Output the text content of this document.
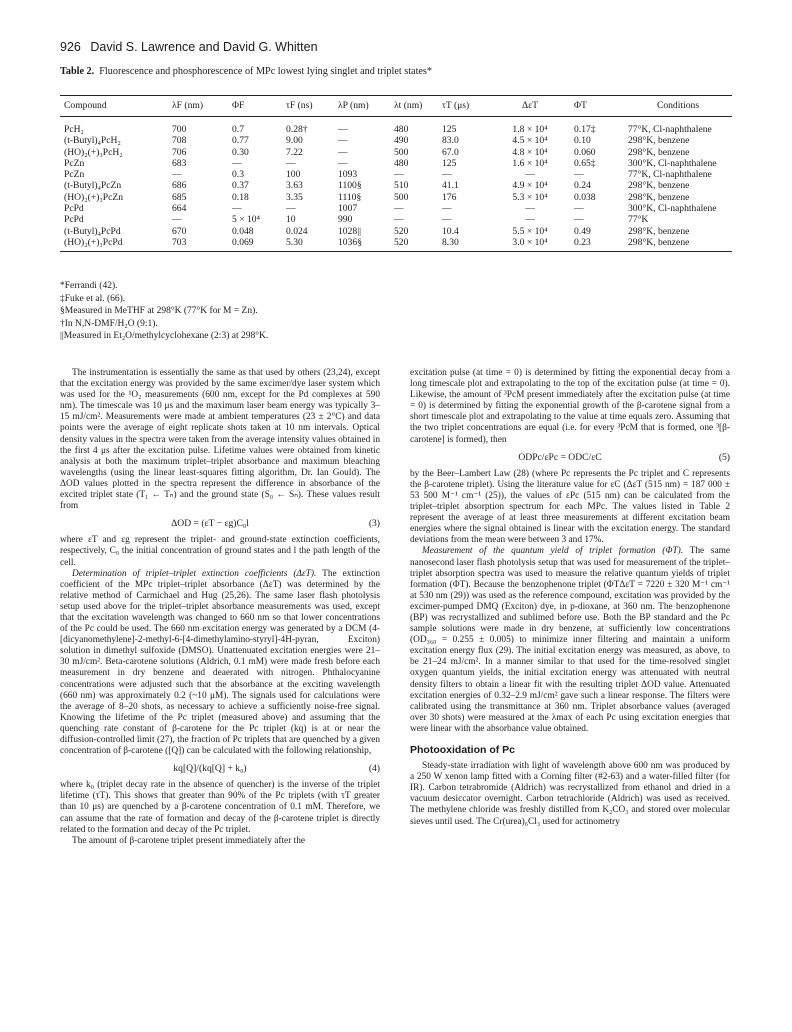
926 David S. Lawrence and David G. Whitten
Table 2. Fluorescence and phosphorescence of MPc lowest lying singlet and triplet states*
Compound	λF (nm)	ΦF	τF (ns)	λP (nm)	λt (nm)	τT (μs)	ΔεT	ΦT	Conditions
PcH₂	700	0.7	0.28†	—	480	125	1.8 × 10⁴	0.17‡	77°K, Cl-naphthalene
(t-Butyl)₄PcH₂	708	0.77	9.00	—	490	83.0	4.5 × 10⁴	0.10	298°K, benzene
(HO)₂(+)₃PcH₂	706	0.30	7.22	—	500	67.0	4.8 × 10⁴	0.060	298°K, benzene
PcZn	683	—	—	—	480	125	1.6 × 10⁴	0.65‡	300°K, Cl-naphthalene
PcZn	—	0.3	100	1093	—	—	—	—	77°K, Cl-naphthalene
(t-Butyl)₄PcZn	686	0.37	3.63	1100§	510	41.1	4.9 × 10⁴	0.24	298°K, benzene
(HO)₂(+)₃PcZn	685	0.18	3.35	1110§	500	176	5.3 × 10⁴	0.038	298°K, benzene
PcPd	664	—	—	1007	—	—	—	—	300°K, Cl-naphthalene
PcPd	—	5 × 10⁴	10	990	—	—	—	—	77°K
(t-Butyl)₄PcPd	670	0.048	0.024	1028||	520	10.4	5.5 × 10⁴	0.49	298°K, benzene
(HO)₂(+)₃PcPd	703	0.069	5.30	1036§	520	8.30	3.0 × 10⁴	0.23	298°K, benzene
*Ferrandi (42).
‡Fuke et al. (66).
§Measured in MeTHF at 298°K (77°K for M = Zn).
†In N,N-DMF/H₂O (9:1).
||Measured in Et₂O/methylcyclohexane (2:3) at 298°K.

The instrumentation is essentially the same as that used by others (23,24), except that the excitation energy was provided by the same excimer/dye laser system which was used for the ¹O₂ measurements (600 nm, except for the Pd complexes at 590 nm). The timescale was 10 μs and the maximum laser beam energy was typically 3–15 mJ/cm². Measurements were made at ambient temperatures (23 ± 2°C) and data points were the average of eight replicate shots taken at 10 nm intervals. Optical density values in the spectra were taken from the average intensity values obtained in the first 4 μs after the excitation pulse. Lifetime values were obtained from kinetic analysis at both the maximum triplet–triplet absorbance and maximum bleaching wavelengths (using the linear least-squares fitting algorithm, Dr. Ian Gould). The ΔOD values plotted in the spectra represent the difference in absorbance of the excited triplet state (T₁ ← Tₙ) and the ground state (S₀ ← Sₙ). These values result from

ΔOD = (εT − εg)C₀l	(3)

where εT and εg represent the triplet- and ground-state extinction coefficients, respectively, C₀ the initial concentration of ground states and l the path length of the cell.

Determination of triplet–triplet extinction coefficients (ΔεT). The extinction coefficient of the MPc triplet–triplet absorbance (ΔεT) was determined by the relative method of Carmichael and Hug (25,26). The same laser flash photolysis setup used above for the triplet–triplet absorbance measurements was used, except that the excitation wavelength was changed to 660 nm so that lower concentrations of the Pc could be used. The 660 nm excitation energy was generated by a DCM (4-[dicyanomethylene]-2-methyl-6-[4-dimethylamino-styryl]-4H-pyran, Exciton) solution in dimethyl sulfoxide (DMSO). Unattenuated excitation energies were 21–30 mJ/cm². Beta-carotene solutions (Aldrich, 0.1 mM) were made fresh before each measurement in dry benzene and deaerated with nitrogen. Phthalocyanine concentrations were adjusted such that the absorbance at the exciting wavelength (660 nm) was approximately 0.2 (~10 μM). The signals used for calculations were the average of 8–20 shots, as necessary to achieve a sufficiently noise-free signal. Knowing the lifetime of the Pc triplet (measured above) and assuming that the quenching rate constant of β-carotene for the Pc triplet (kq) is at or near the diffusion-controlled limit (27), the fraction of Pc triplets that are quenched by a given concentration of β-carotene ([Q]) can be calculated with the following relationship,

kq[Q]/(kq[Q] + k₀)	(4)

where k₀ (triplet decay rate in the absence of quencher) is the inverse of the triplet lifetime (τT). This shows that greater than 90% of the Pc triplets (with τT greater than 10 μs) are quenched by a β-carotene concentration of 0.1 mM. Therefore, we can assume that the rate of formation and decay of the β-carotene triplet is directly related to the formation and decay of the Pc triplet.

The amount of β-carotene triplet present immediately after the

excitation pulse (at time = 0) is determined by fitting the exponential decay from a long timescale plot and extrapolating to the top of the excitation pulse (at time = 0). Likewise, the amount of ³PcM present immediately after the excitation pulse (at time = 0) is determined by fitting the exponential growth of the β-carotene signal from a short timescale plot and extrapolating to the value at time equals zero. Assuming that the two triplet concentrations are equal (i.e. for every ³PcM that is formed, one ³[β-carotene] is formed), then

ODPc/εPc = ODC/εC	(5)

by the Beer–Lambert Law (28) (where Pc represents the Pc triplet and C represents the β-carotene triplet). Using the literature value for εC (ΔεT (515 nm) = 187 000 ± 53 500 M⁻¹ cm⁻¹ (25)), the values of εPc (515 nm) can be calculated from the triplet–triplet absorption spectrum for each MPc. The values listed in Table 2 represent the average of at least three measurements at different excitation beam energies where the signal obtained is linear with the excitation energy. The standard deviations from the mean were between 3 and 17%.

Measurement of the quantum yield of triplet formation (ΦT). The same nanosecond laser flash photolysis setup that was used for measurement of the triplet–triplet absorption spectra was used to measure the relative quantum yields of triplet formation (ΦT). Because the benzophenone triplet (ΦTΔεT = 7220 ± 320 M⁻¹ cm⁻¹ at 530 nm (29)) was used as the reference compound, excitation was provided by the excimer-pumped DMQ (Exciton) dye, in p-dioxane, at 360 nm. The benzophenone (BP) was recrystallized and sublimed before use. Both the BP standard and the Pc sample solutions were made in dry benzene, at sufficiently low concentrations (OD₃₆₀ = 0.255 ± 0.005) to minimize inner filtering and maintain a uniform excitation energy flux (29). The initial excitation energy was measured, as above, to be 21–24 mJ/cm². In a manner similar to that used for the time-resolved singlet oxygen quantum yields, the initial excitation energy was attenuated with neutral density filters to obtain a linear fit with the resulting triplet ΔOD value. Attenuated excitation energies of 0.32–2.9 mJ/cm² gave such a linear response. The filters were calibrated using the transmittance at 360 nm. Triplet absorbance values (averaged over 30 shots) were measured at the λmax of each Pc using excitation energies that were linear with the absorbance value obtained.

Photooxidation of Pc

Steady-state irradiation with light of wavelength above 600 nm was produced by a 250 W xenon lamp fitted with a Corning filter (#2-63) and a water-filled filter (for IR). Carbon tetrabromide (Aldrich) was recrystallized from ethanol and dried in a vacuum desiccator overnight. Carbon tetrachloride (Aldrich) was used as received. The methylene chloride was freshly distilled from K₂CO₃ and stored over molecular sieves until used. The Cr(urea)₆Cl₃ used for actinometry
